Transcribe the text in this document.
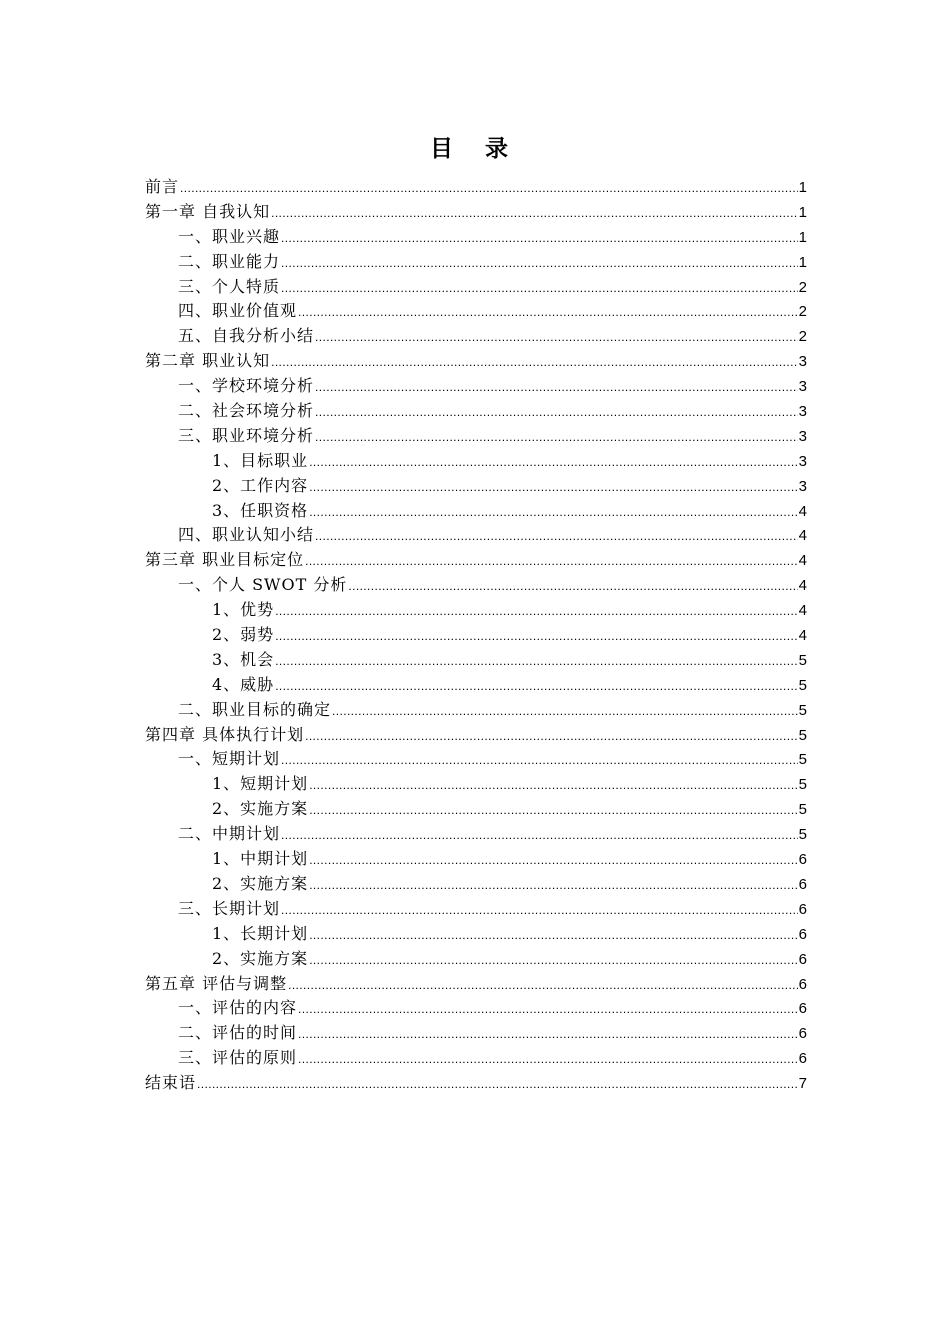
目 录
前言 .....	1
第一章 自我认知 .....	1
一、职业兴趣 .....	1
二、职业能力 .....	1
三、个人特质 .....	2
四、职业价值观 .....	2
五、自我分析小结 .....	2
第二章 职业认知 .....	3
一、学校环境分析 .....	3
二、社会环境分析 .....	3
三、职业环境分析 .....	3
1、目标职业 .....	3
2、工作内容 .....	3
3、任职资格 .....	4
四、职业认知小结 .....	4
第三章 职业目标定位 .....	4
一、个人 SWOT 分析 .....	4
1、优势 .....	4
2、弱势 .....	4
3、机会 .....	5
4、威胁 .....	5
二、职业目标的确定 .....	5
第四章 具体执行计划 .....	5
一、短期计划 .....	5
1、短期计划 .....	5
2、实施方案 .....	5
二、中期计划 .....	5
1、中期计划 .....	6
2、实施方案 .....	6
三、长期计划 .....	6
1、长期计划 .....	6
2、实施方案 .....	6
第五章 评估与调整 .....	6
一、评估的内容 .....	6
二、评估的时间 .....	6
三、评估的原则 .....	6
结束语 .....	7
